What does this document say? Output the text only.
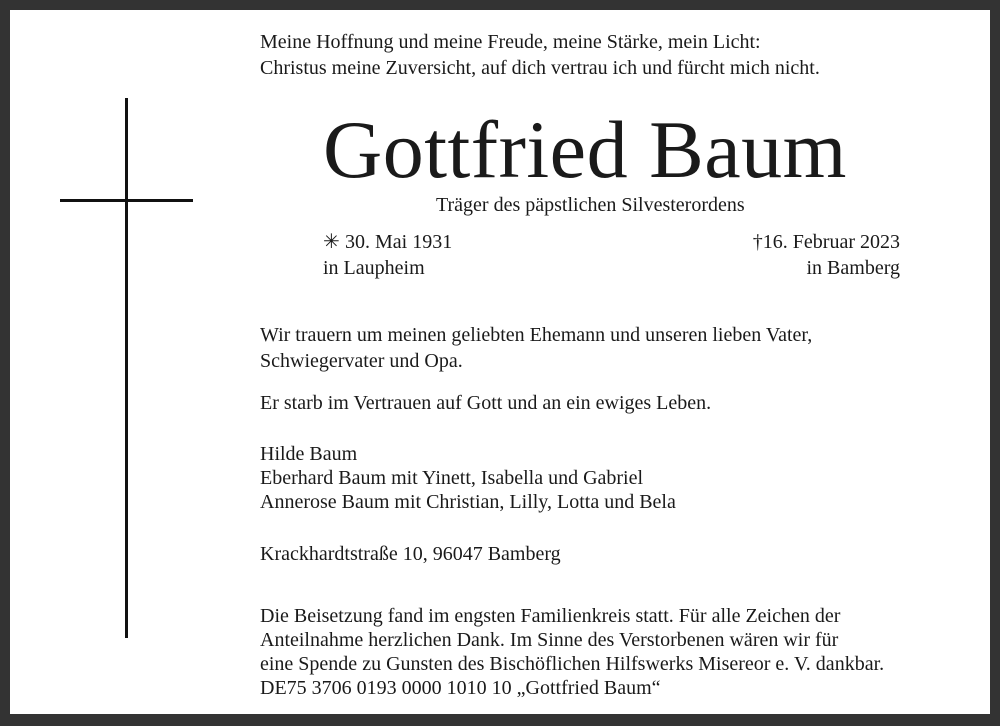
Meine Hoffnung und meine Freude, meine Stärke, mein Licht:
Christus meine Zuversicht, auf dich vertrau ich und fürcht mich nicht.
Gottfried Baum
Träger des päpstlichen Silvesterordens
✳ 30. Mai 1931
in Laupheim
†16. Februar 2023
in Bamberg
Wir trauern um meinen geliebten Ehemann und unseren lieben Vater,
Schwiegervater und Opa.
Er starb im Vertrauen auf Gott und an ein ewiges Leben.
Hilde Baum
Eberhard Baum mit Yinett, Isabella und Gabriel
Annerose Baum mit Christian, Lilly, Lotta und Bela
Krackhardtstraße 10, 96047 Bamberg
Die Beisetzung fand im engsten Familienkreis statt. Für alle Zeichen der
Anteilnahme herzlichen Dank. Im Sinne des Verstorbenen wären wir für
eine Spende zu Gunsten des Bischöflichen Hilfswerks Misereor e. V. dankbar.
DE75 3706 0193 0000 1010 10 „Gottfried Baum“
